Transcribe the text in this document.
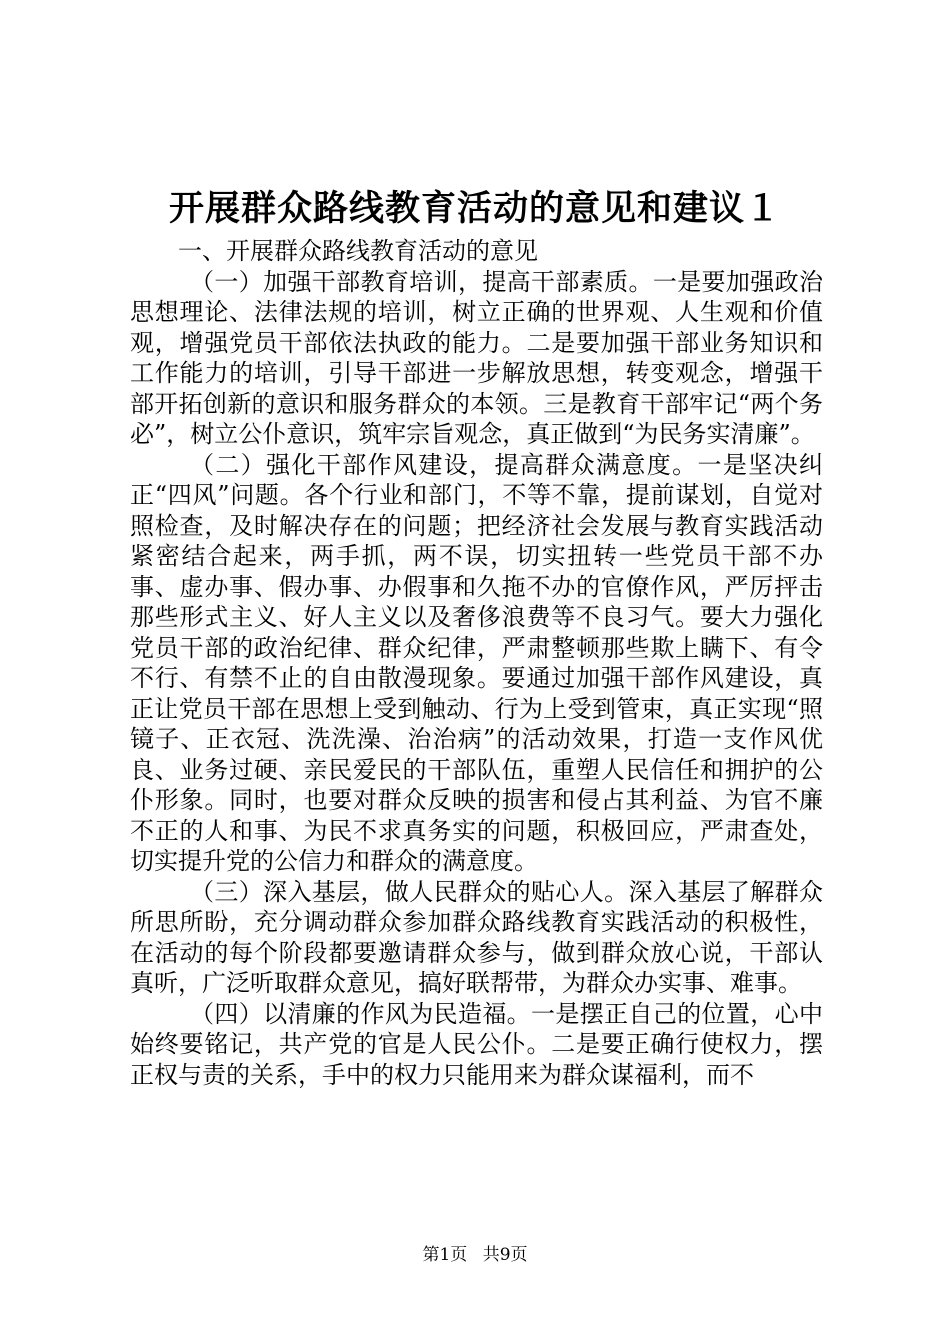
开展群众路线教育活动的意见和建议１

一、开展群众路线教育活动的意见

（一）加强干部教育培训，提高干部素质。一是要加强政治思想理论、法律法规的培训，树立正确的世界观、人生观和价值观，增强党员干部依法执政的能力。二是要加强干部业务知识和工作能力的培训，引导干部进一步解放思想，转变观念，增强干部开拓创新的意识和服务群众的本领。三是教育干部牢记“两个务必”，树立公仆意识，筑牢宗旨观念，真正做到“为民务实清廉”。

（二）强化干部作风建设，提高群众满意度。一是坚决纠正“四风”问题。各个行业和部门，不等不靠，提前谋划，自觉对照检查，及时解决存在的问题；把经济社会发展与教育实践活动紧密结合起来，两手抓，两不误，切实扭转一些党员干部不办事、虚办事、假办事、办假事和久拖不办的官僚作风，严厉抨击那些形式主义、好人主义以及奢侈浪费等不良习气。要大力强化党员干部的政治纪律、群众纪律，严肃整顿那些欺上瞒下、有令不行、有禁不止的自由散漫现象。要通过加强干部作风建设，真正让党员干部在思想上受到触动、行为上受到管束，真正实现“照镜子、正衣冠、洗洗澡、治治病”的活动效果，打造一支作风优良、业务过硬、亲民爱民的干部队伍，重塑人民信任和拥护的公仆形象。同时，也要对群众反映的损害和侵占其利益、为官不廉不正的人和事、为民不求真务实的问题，积极回应，严肃查处，切实提升党的公信力和群众的满意度。

（三）深入基层，做人民群众的贴心人。深入基层了解群众所思所盼，充分调动群众参加群众路线教育实践活动的积极性，在活动的每个阶段都要邀请群众参与，做到群众放心说，干部认真听，广泛听取群众意见，搞好联帮带，为群众办实事、难事。

（四）以清廉的作风为民造福。一是摆正自己的位置，心中始终要铭记，共产党的官是人民公仆。二是要正确行使权力，摆正权与责的关系，手中的权力只能用来为群众谋福利，而不

第1页 共9页
